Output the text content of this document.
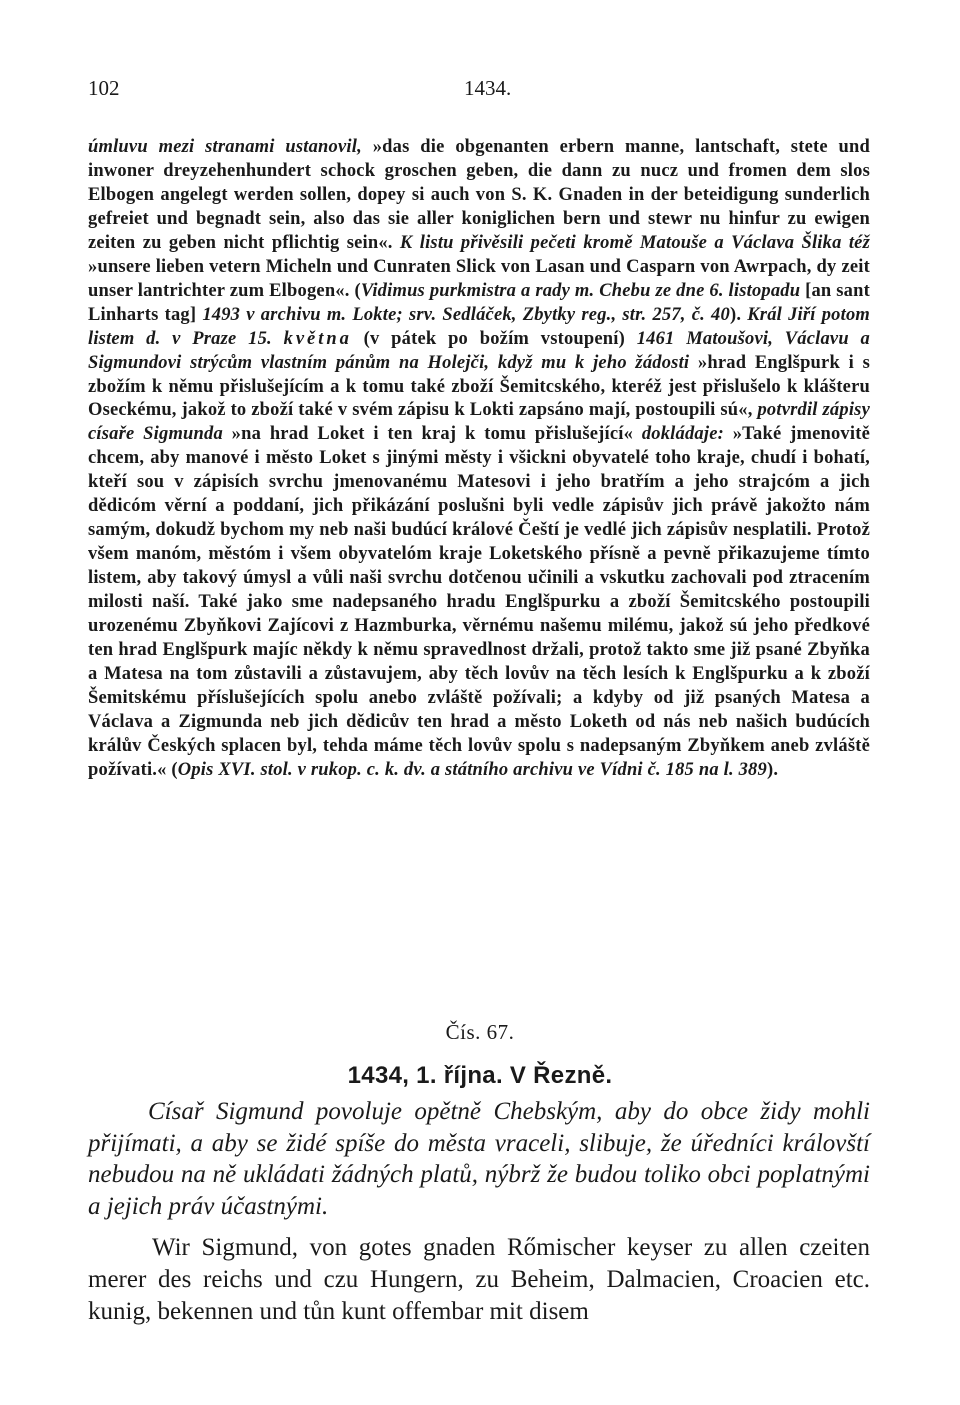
102	1434.

úmluvu mezi stranami ustanovil, »das die obgenanten erbern manne, lantschaft, stete und inwoner dreyzehenhundert schock groschen geben, die dann zu nucz und fromen dem slos Elbogen angelegt werden sollen, dopey si auch von S. K. Gnaden in der beteidigung sunderlich gefreiet und begnadt sein, also das sie aller koniglichen bern und stewr nu hinfur zu ewigen zeiten zu geben nicht pflichtig sein«. K listu přivěsili pečeti kromě Matouše a Václava Šlika též »unsere lieben vetern Micheln und Cunraten Slick von Lasan und Casparn von Awrpach, dy zeit unser lantrichter zum Elbogen«. (Vidimus purkmistra a rady m. Chebu ze dne 6. listopadu [an sant Linharts tag] 1493 v archivu m. Lokte; srv. Sedláček, Zbytky reg., str. 257, č. 40). Král Jiří potom listem d. v Praze 15. května (v pátek po božím vstoupení) 1461 Matoušovi, Václavu a Sigmundovi strýcům vlastním pánům na Holejči, když mu k jeho žádosti »hrad Englšpurk i s zbožím k němu přislušejícím a k tomu také zboží Šemitcského, kteréž jest přislušelo k klášteru Oseckému, jakož to zboží také v svém zápisu k Lokti zapsáno mají, postoupili sú«, potvrdil zápisy císaře Sigmunda »na hrad Loket i ten kraj k tomu přislušející« dokládaje: »Také jmenovitě chcem, aby manové i město Loket s jinými městy i všickni obyvatelé toho kraje, chudí i bohatí, kteří sou v zápisích svrchu jmenovanému Matesovi i jeho bratřím a jeho strajcóm a jich dědicóm věrní a poddaní, jich přikázání poslušni byli vedle zápisův jich právě jakožto nám samým, dokudž bychom my neb naši budúcí králové Čeští je vedlé jich zápisův nesplatili. Protož všem manóm, městóm i všem obyvatelóm kraje Loketského přísně a pevně přikazujeme tímto listem, aby takový úmysl a vůli naši svrchu dotčenou učinili a vskutku zachovali pod ztracením milosti naší. Také jako sme nadepsaného hradu Englšpurku a zboží Šemitcského postoupili urozenému Zbyňkovi Zajícovi z Hazmburka, věrnému našemu milému, jakož sú jeho předkové ten hrad Englšpurk majíc někdy k němu spravedlnost držali, protož takto sme již psané Zbyňka a Matesa na tom zůstavili a zůstavujem, aby těch lovův na těch lesích k Englšpurku a k zboží Šemitskému příslušejících spolu anebo zvláště požívali; a kdyby od již psaných Matesa a Václava a Zigmunda neb jich dědicův ten hrad a město Loketh od nás neb našich budúcích králův Českých splacen byl, tehda máme těch lovův spolu s nadepsaným Zbyňkem aneb zvláště požívati.« (Opis XVI. stol. v rukop. c. k. dv. a státního archivu ve Vídni č. 185 na l. 389).

Čís. 67.
1434, 1. října. V Řezně.

Císař Sigmund povoluje opětně Chebským, aby do obce židy mohli přijímati, a aby se židé spíše do města vraceli, slibuje, že úředníci královští nebudou na ně ukládati žádných platů, nýbrž že budou toliko obci poplatnými a jejich práv účastnými.

Wir Sigmund, von gotes gnaden Rőmischer keyser zu allen czeiten merer des reichs und czu Hungern, zu Beheim, Dalmacien, Croacien etc. kunig, bekennen und tůn kunt offembar mit disem
